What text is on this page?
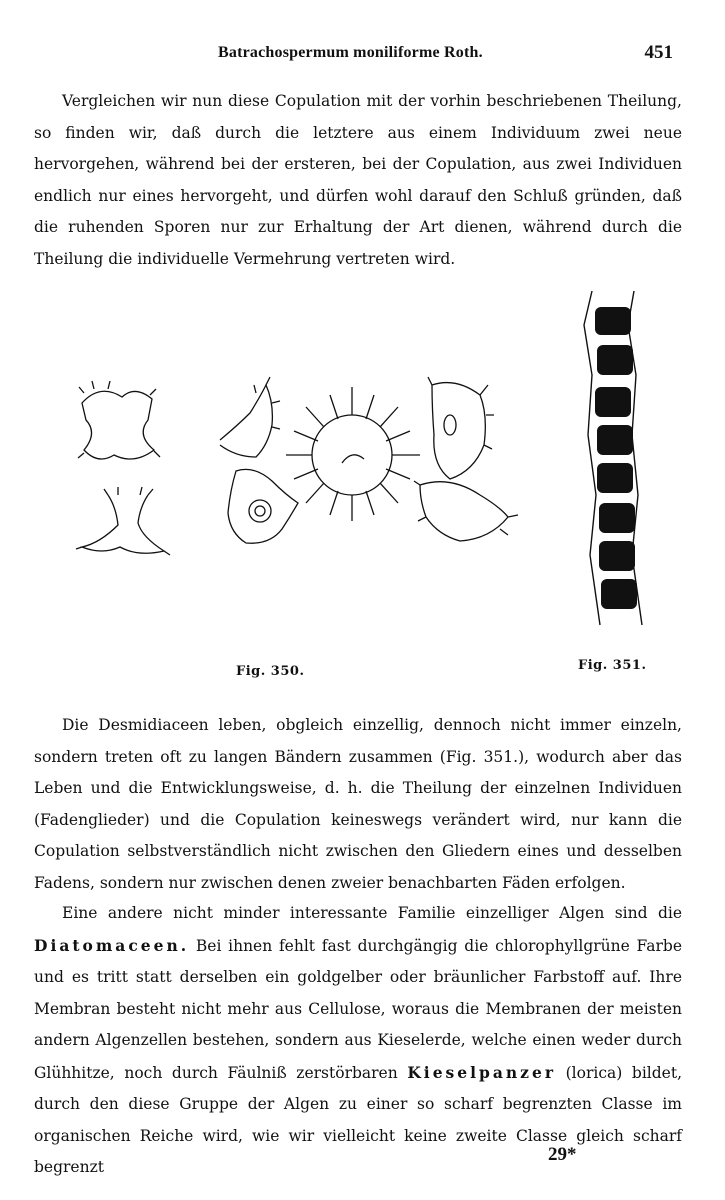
Batrachospermum moniliforme Roth.	451

Vergleichen wir nun diese Copulation mit der vorhin beschriebenen Theilung, so finden wir, daß durch die letztere aus einem Individuum zwei neue hervorgehen, während bei der ersteren, bei der Copulation, aus zwei Individuen endlich nur eines hervorgeht, und dürfen wohl darauf den Schluß gründen, daß die ruhenden Sporen nur zur Erhaltung der Art dienen, während durch die Theilung die individuelle Vermehrung vertreten wird.

Fig. 350.	Fig. 351.

Die Desmidiaceen leben, obgleich einzellig, dennoch nicht immer einzeln, sondern treten oft zu langen Bändern zusammen (Fig. 351.), wodurch aber das Leben und die Entwicklungsweise, d. h. die Theilung der einzelnen Individuen (Fadenglieder) und die Copulation keineswegs verändert wird, nur kann die Copulation selbstverständlich nicht zwischen den Gliedern eines und desselben Fadens, sondern nur zwischen denen zweier benachbarten Fäden erfolgen.

Eine andere nicht minder interessante Familie einzelliger Algen sind die Diatomaceen. Bei ihnen fehlt fast durchgängig die chlorophyllgrüne Farbe und es tritt statt derselben ein goldgelber oder bräunlicher Farbstoff auf. Ihre Membran besteht nicht mehr aus Cellulose, woraus die Membranen der meisten andern Algenzellen bestehen, sondern aus Kieselerde, welche einen weder durch Glühhitze, noch durch Fäulniß zerstörbaren Kieselpanzer (lorica) bildet, durch den diese Gruppe der Algen zu einer so scharf begrenzten Classe im organischen Reiche wird, wie wir vielleicht keine zweite Classe gleich scharf begrenzt

29*
